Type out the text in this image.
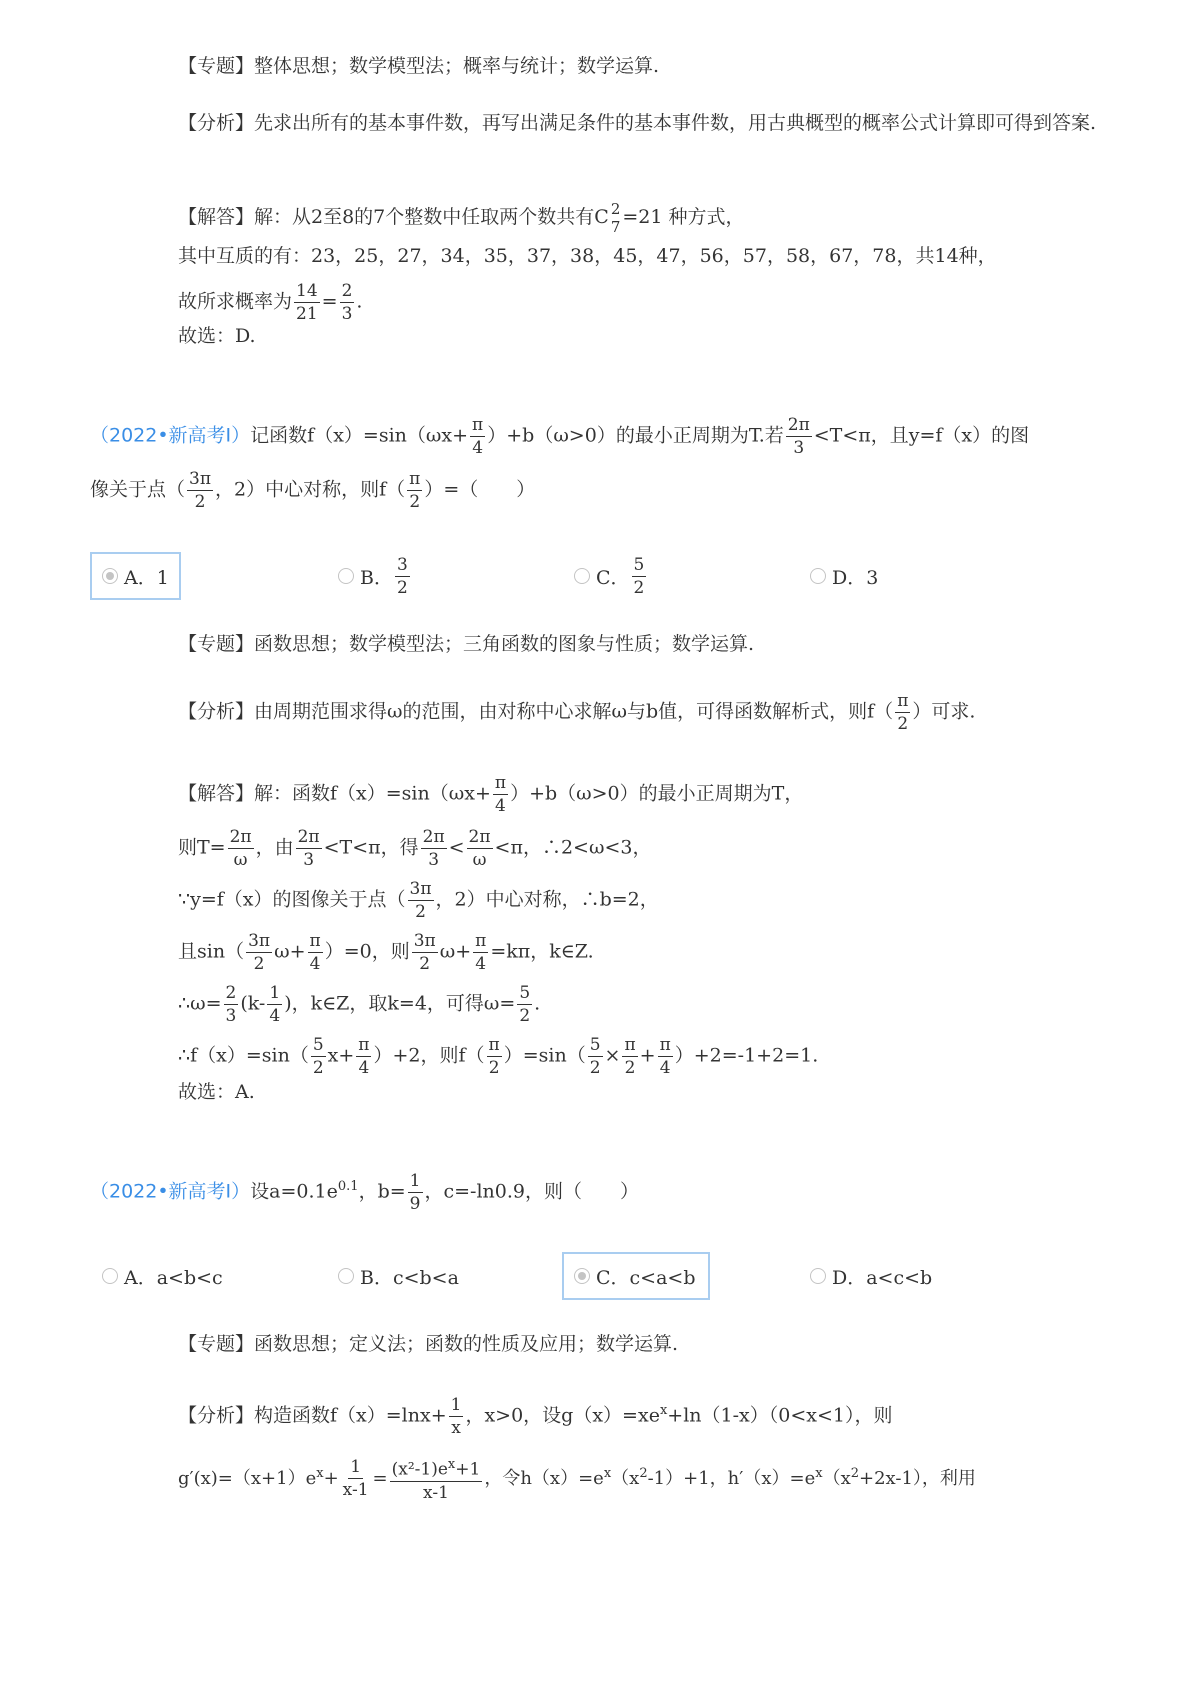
【专题】整体思想；数学模型法；概率与统计；数学运算.
【分析】先求出所有的基本事件数，再写出满足条件的基本事件数，用古典概型的概率公式计算即可得到答案.
【解答】解：从2至8的7个整数中任取两个数共有C 2
7 =21 种方式，
其中互质的有：23，25，27，34，35，37，38，45，47，56，57，58，67，78，共14种，
故所求概率为 $\frac{14}{21} = \frac{2}{3}$ .
故选：D.
（2022•新高考Ⅰ）记函数$f(x)=\sin(\omega x+ \frac{\pi}{4} )+b(\omega>0)$的最小正周期为T.若 $\frac{2\pi}{3} <T<\pi$，且y=f（x）的图
像关于点（ $\frac{3\pi}{2}$ ，2）中心对称，则$f( \frac{\pi}{2}$ ）=（　　）
A．1	B． $\frac{3}{2}$	C． $\frac{5}{2}$	D．3
【专题】函数思想；数学模型法；三角函数的图象与性质；数学运算.
【分析】由周期范围求得ω的范围，由对称中心求解ω与b值，可得函数解析式，则$f( \frac{\pi}{2}$ ）可求.
【解答】解：函数$f(x)=\sin(\omega x+ \frac{\pi}{4} )+b(\omega>0)$的最小正周期为T，
则$T= \frac{2\pi}{\omega}$ ，由 $\frac{2\pi}{3} <T<\pi$，得 $\frac{2\pi}{3} < \frac{2\pi}{\omega} <\pi$，∴2<ω<3，
∵y=f（x）的图像关于点（ $\frac{3\pi}{2}$ ，2）中心对称，∴b=2，
且$\sin( \frac{3\pi}{2} \omega+ \frac{\pi}{4} )=0$，则 $\frac{3\pi}{2} \omega+ \frac{\pi}{4} =k\pi$，k∈Z.
∴ω= $\frac{2}{3} (k- \frac{1}{4}$ )，k∈Z，取k=4，可得$\omega= \frac{5}{2}$ .
∴f（x）=sin（ $\frac{5}{2} x+ \frac{\pi}{4} )+2$，则$f( \frac{\pi}{2} )=\sin( \frac{5}{2} \times \frac{\pi}{2} + \frac{\pi}{4} )+2=-1+2=1$.
故选：A.
（2022•新高考Ⅰ）设$a=0.1e^{0.1}$，$b= \frac{1}{9}$ ，c=-ln0.9，则（　　）
A．a<b<c	B．c<b<a	C．c<a<b	D．a<c<b
【专题】函数思想；定义法；函数的性质及应用；数学运算.
【分析】构造函数$f(x)=\ln x+ \frac{1}{x}$ ，x>0，设$g(x)=xe^x+\ln(1-x)(0<x<1)$，则
$g'(x)=(x+1)e^x+ \frac{1}{x-1} = \frac{(x^2-1)e^x+1}{x-1}$ ，令$h(x)=e^x(x^2-1)+1$，$h'(x)=e^x(x^2+2x-1)$，利用
